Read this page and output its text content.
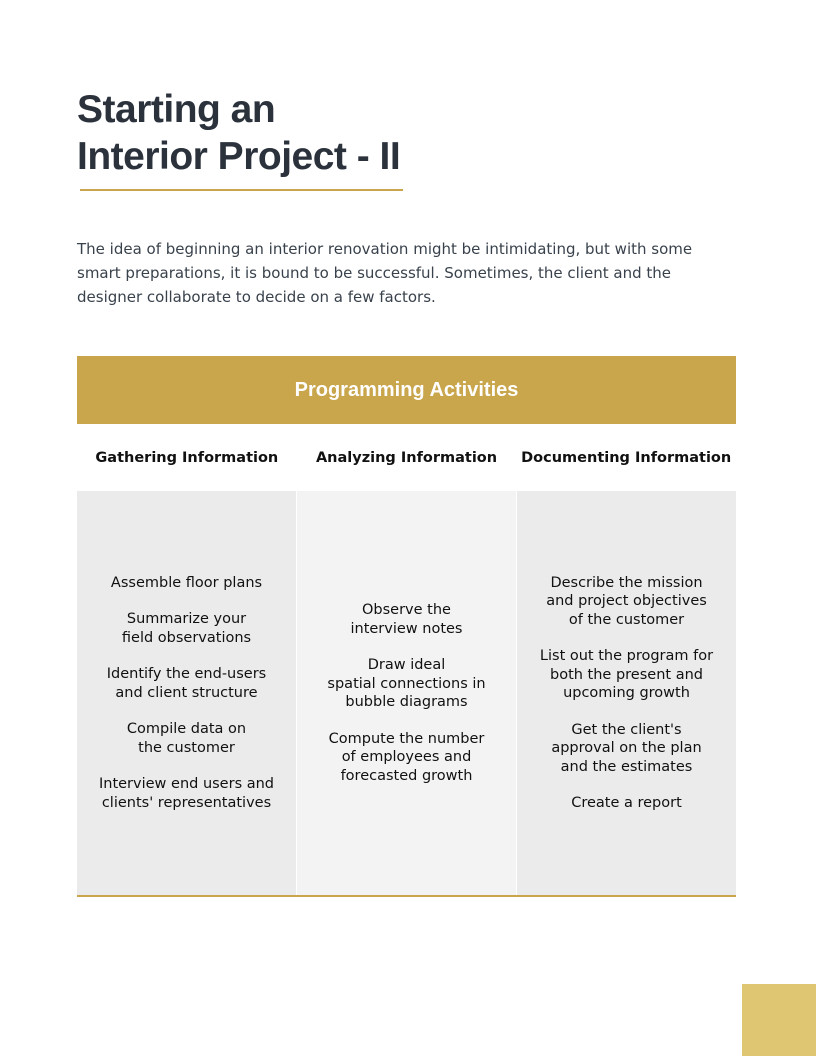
Starting an
Interior Project - II

The idea of beginning an interior renovation might be intimidating, but with some smart preparations, it is bound to be successful. Sometimes, the client and the designer collaborate to decide on a few factors.

Programming Activities
Gathering Information	Analyzing Information	Documenting Information
Assemble floor plans
Summarize your
field observations
Identify the end-users
and client structure
Compile data on
the customer
Interview end users and
clients' representatives
Observe the
interview notes
Draw ideal
spatial connections in
bubble diagrams
Compute the number
of employees and
forecasted growth
Describe the mission
and project objectives
of the customer
List out the program for
both the present and
upcoming growth
Get the client's
approval on the plan
and the estimates
Create a report
